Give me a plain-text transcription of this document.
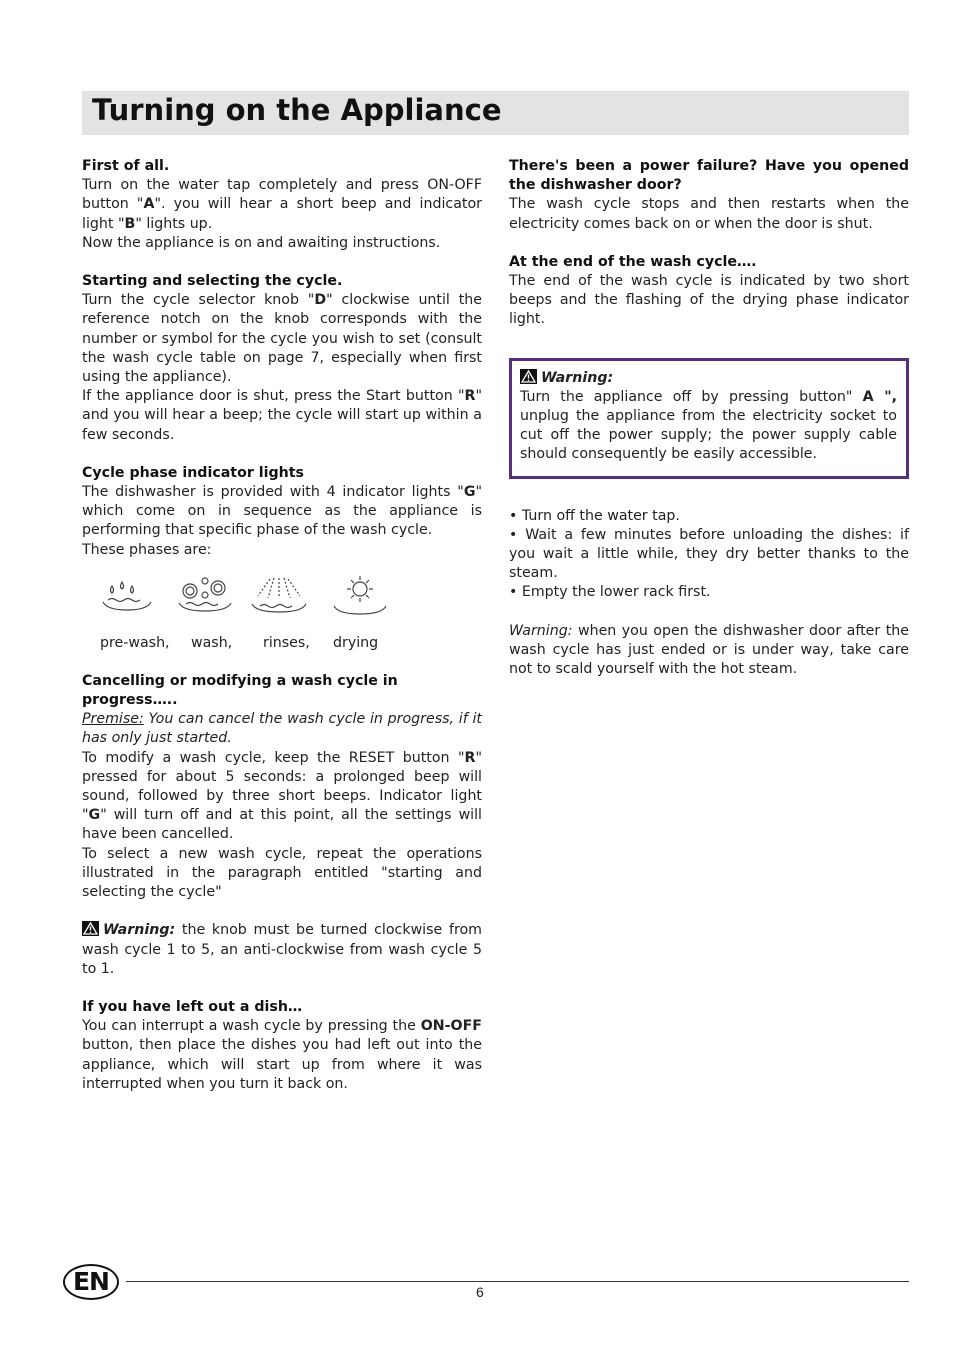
Turning on the Appliance

First of all.

Turn on the water tap completely and press ON-OFF button "A". you will hear a short beep and indicator light "B" lights up.

Now the appliance is on and awaiting instructions.

Starting and selecting the cycle.

Turn the cycle selector knob "D" clockwise until the reference notch on the knob corresponds with the number or symbol for the cycle you wish to set (consult the wash cycle table on page 7, especially when first using the appliance).

If the appliance door is shut, press the Start button "R" and you will hear a beep; the cycle will start up within a few seconds.

Cycle phase indicator lights

The dishwasher is provided with 4 indicator lights "G" which come on in sequence as the appliance is performing that specific phase of the wash cycle.

These phases are:

pre-wash, wash, rinses, drying

Cancelling or modifying a wash cycle in progress…..

Premise: You can cancel the wash cycle in progress, if it has only just started.

To modify a wash cycle, keep the RESET button "R" pressed for about 5 seconds: a prolonged beep will sound, followed by three short beeps. Indicator light "G" will turn off and at this point, all the settings will have been cancelled.

To select a new wash cycle, repeat the operations illustrated in the paragraph entitled "starting and selecting the cycle"

Warning: the knob must be turned clockwise from wash cycle 1 to 5, an anti-clockwise from wash cycle 5 to 1.

If you have left out a dish…

You can interrupt a wash cycle by pressing the ON-OFF button, then place the dishes you had left out into the appliance, which will start up from where it was interrupted when you turn it back on.

There's been a power failure? Have you opened the dishwasher door?

The wash cycle stops and then restarts when the electricity comes back on or when the door is shut.

At the end of the wash cycle….

The end of the wash cycle is indicated by two short beeps and the flashing of the drying phase indicator light.

Warning:

Turn the appliance off by pressing button" A ", unplug the appliance from the electricity socket to cut off the power supply; the power supply cable should consequently be easily accessible.

• Turn off the water tap.

• Wait a few minutes before unloading the dishes: if you wait a little while, they dry better thanks to the steam.

• Empty the lower rack first.

Warning: when you open the dishwasher door after the wash cycle has just ended or is under way, take care not to scald yourself with the hot steam.

EN	6
